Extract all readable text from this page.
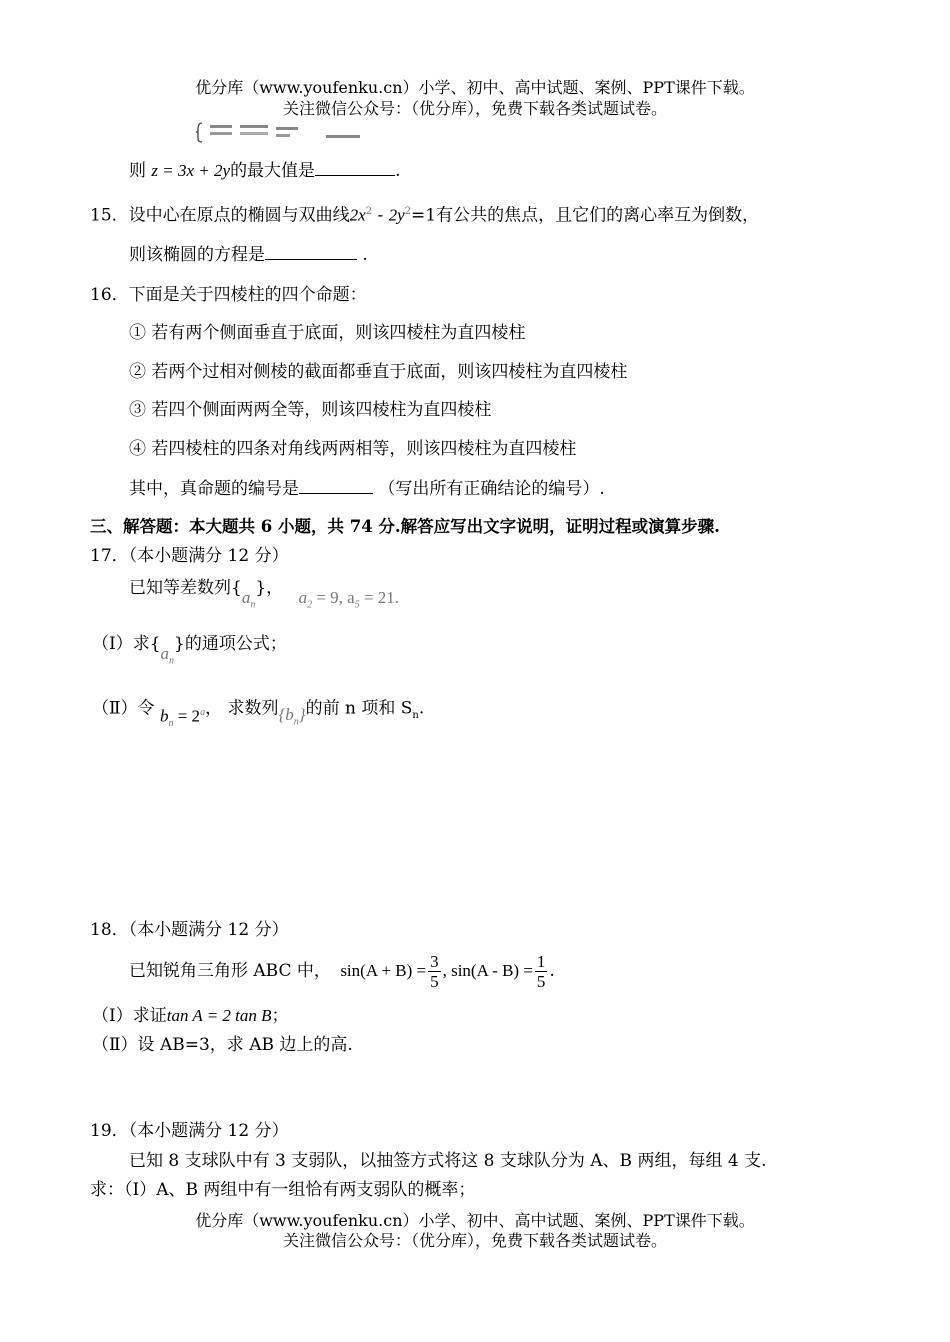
优分库（www.youfenku.cn）小学、初中、高中试题、案例、PPT课件下载。
关注微信公众号：（优分库），免费下载各类试题试卷。
则 z = 3x + 2y的最大值是	.
15．设中心在原点的椭圆与双曲线$2x^2 - 2y^2=1$有公共的焦点，且它们的离心率互为倒数，
则该椭圆的方程是	.
16．下面是关于四棱柱的四个命题：
① 若有两个侧面垂直于底面，则该四棱柱为直四棱柱
② 若两个过相对侧棱的截面都垂直于底面，则该四棱柱为直四棱柱
③ 若四个侧面两两全等，则该四棱柱为直四棱柱
④ 若四棱柱的四条对角线两两相等，则该四棱柱为直四棱柱
其中，真命题的编号是	（写出所有正确结论的编号）.
三、解答题：本大题共 6 小题，共 74 分.解答应写出文字说明，证明过程或演算步骤.
17．（本小题满分 12 分）
已知等差数列$\{a_n\}$， $a_2 = 9$, $a_5 = 21$.
（Ⅰ）求$\{a_n\}$的通项公式；
（Ⅱ）令 $b_n = 2^a$， 求数列$\{b_n\}$的前 n 项和 $S_n$.
18．（本小题满分 12 分）
已知锐角三角形 ABC 中， $\sin(A + B) = \frac{3}{5}$ , $\sin(A - B) = \frac{1}{5}$ .
（Ⅰ）求证tan A = 2 tan B；
（Ⅱ）设 AB=3，求 AB 边上的高.
19．（本小题满分 12 分）
已知 8 支球队中有 3 支弱队，以抽签方式将这 8 支球队分为 A、B 两组，每组 4 支.
求：（Ⅰ）A、B 两组中有一组恰有两支弱队的概率；
优分库（www.youfenku.cn）小学、初中、高中试题、案例、PPT课件下载。
关注微信公众号：（优分库），免费下载各类试题试卷。
